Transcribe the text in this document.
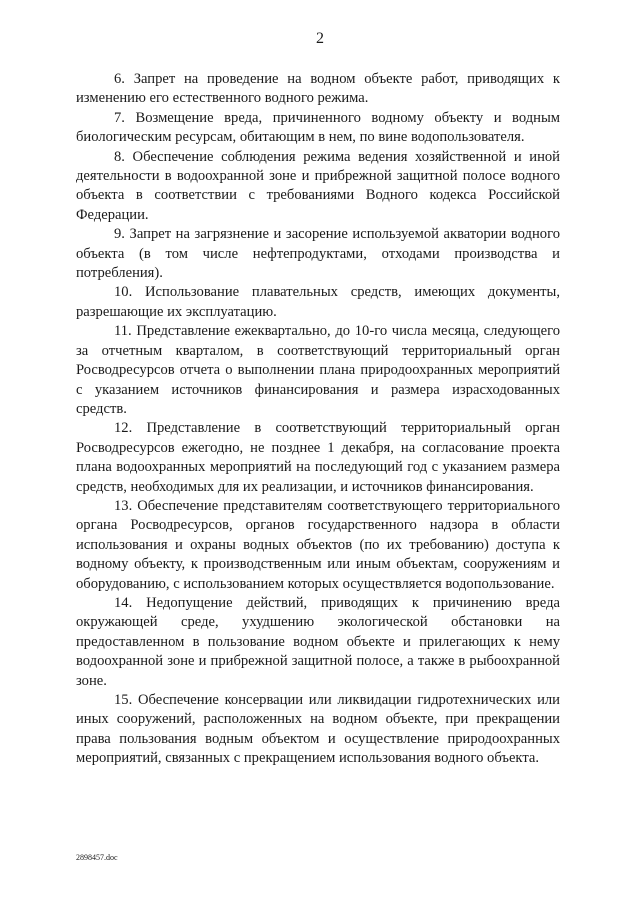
2

6. Запрет на проведение на водном объекте работ, приводящих к изменению его естественного водного режима.

7. Возмещение вреда, причиненного водному объекту и водным биологическим ресурсам, обитающим в нем, по вине водопользователя.

8. Обеспечение соблюдения режима ведения хозяйственной и иной деятельности в водоохранной зоне и прибрежной защитной полосе водного объекта в соответствии с требованиями Водного кодекса Российской Федерации.

9. Запрет на загрязнение и засорение используемой акватории водного объекта (в том числе нефтепродуктами, отходами производства и потребления).

10. Использование плавательных средств, имеющих документы, разрешающие их эксплуатацию.

11. Представление ежеквартально, до 10-го числа месяца, следующего за отчетным кварталом, в соответствующий территориальный орган Росводресурсов отчета о выполнении плана природоохранных мероприятий с указанием источников финансирования и размера израсходованных средств.

12. Представление в соответствующий территориальный орган Росводресурсов ежегодно, не позднее 1 декабря, на согласование проекта плана водоохранных мероприятий на последующий год с указанием размера средств, необходимых для их реализации, и источников финансирования.

13. Обеспечение представителям соответствующего территориального органа Росводресурсов, органов государственного надзора в области использования и охраны водных объектов (по их требованию) доступа к водному объекту, к производственным или иным объектам, сооружениям и оборудованию, с использованием которых осуществляется водопользование.

14. Недопущение действий, приводящих к причинению вреда окружающей среде, ухудшению экологической обстановки на предоставленном в пользование водном объекте и прилегающих к нему водоохранной зоне и прибрежной защитной полосе, а также в рыбоохранной зоне.

15. Обеспечение консервации или ликвидации гидротехнических или иных сооружений, расположенных на водном объекте, при прекращении права пользования водным объектом и осуществление природоохранных мероприятий, связанных с прекращением использования водного объекта.

2898457.doc
